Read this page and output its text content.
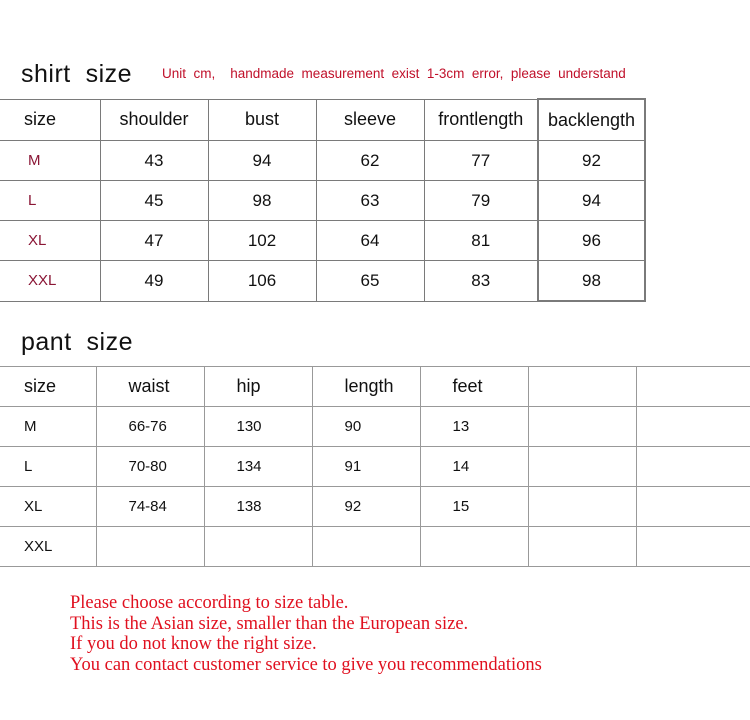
shirt  size Unit  cm,    handmade  measurement  exist  1-3cm  error,  please  understand
size	shoulder	bust	sleeve	frontlength	backlength
M	43	94	62	77	92
L	45	98	63	79	94
XL	47	102	64	81	96
XXL	49	106	65	83	98
pant  size
size	waist	hip	length	feet		
M	66-76	130	90	13		
L	70-80	134	91	14		
XL	74-84	138	92	15		
XXL						
Please choose according to size table.
This is the Asian size, smaller than the European size.
If you do not know the right size.
You can contact customer service to give you recommendations
